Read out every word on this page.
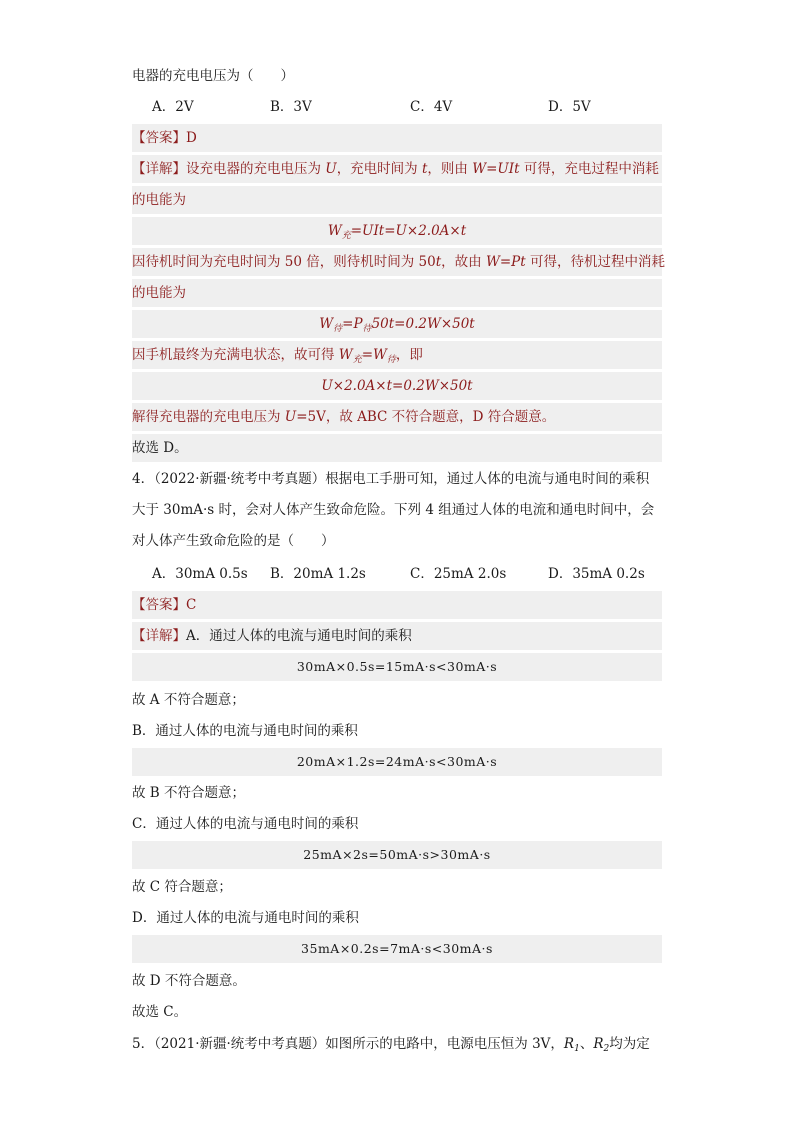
电器的充电电压为（　　）
A．2V	B．3V	C．4V	D．5V
【答案】D
【详解】设充电器的充电电压为 U，充电时间为 t，则由 W=UIt 可得，充电过程中消耗
的电能为
$W_充=UIt=U\times 2.0A\times t$
因待机时间为充电时间为 50 倍，则待机时间为 50t，故由 W=Pt 可得，待机过程中消耗
的电能为
$W_待=P_待50t=0.2W\times 50t$
因手机最终为充满电状态，故可得 $W_充=W_待$，即
U×2.0A×t=0.2W×50t
解得充电器的充电电压为 U=5V，故 ABC 不符合题意，D 符合题意。
故选 D。
4．（2022·新疆·统考中考真题）根据电工手册可知，通过人体的电流与通电时间的乘积
大于 30mA·s 时，会对人体产生致命危险。下列 4 组通过人体的电流和通电时间中，会
对人体产生致命危险的是（　　）
A．30mA 0.5s B．20mA 1.2s	C．25mA 2.0s	D．35mA 0.2s
【答案】C
【详解】A．通过人体的电流与通电时间的乘积
30mA×0.5s=15mA·s<30mA·s
故 A 不符合题意；
B．通过人体的电流与通电时间的乘积
20mA×1.2s=24mA·s<30mA·s
故 B 不符合题意；
C．通过人体的电流与通电时间的乘积
25mA×2s=50mA·s>30mA·s
故 C 符合题意；
D．通过人体的电流与通电时间的乘积
35mA×0.2s=7mA·s<30mA·s
故 D 不符合题意。
故选 C。
5．（2021·新疆·统考中考真题）如图所示的电路中，电源电压恒为 3V，$R_1$、$R_2$均为定
